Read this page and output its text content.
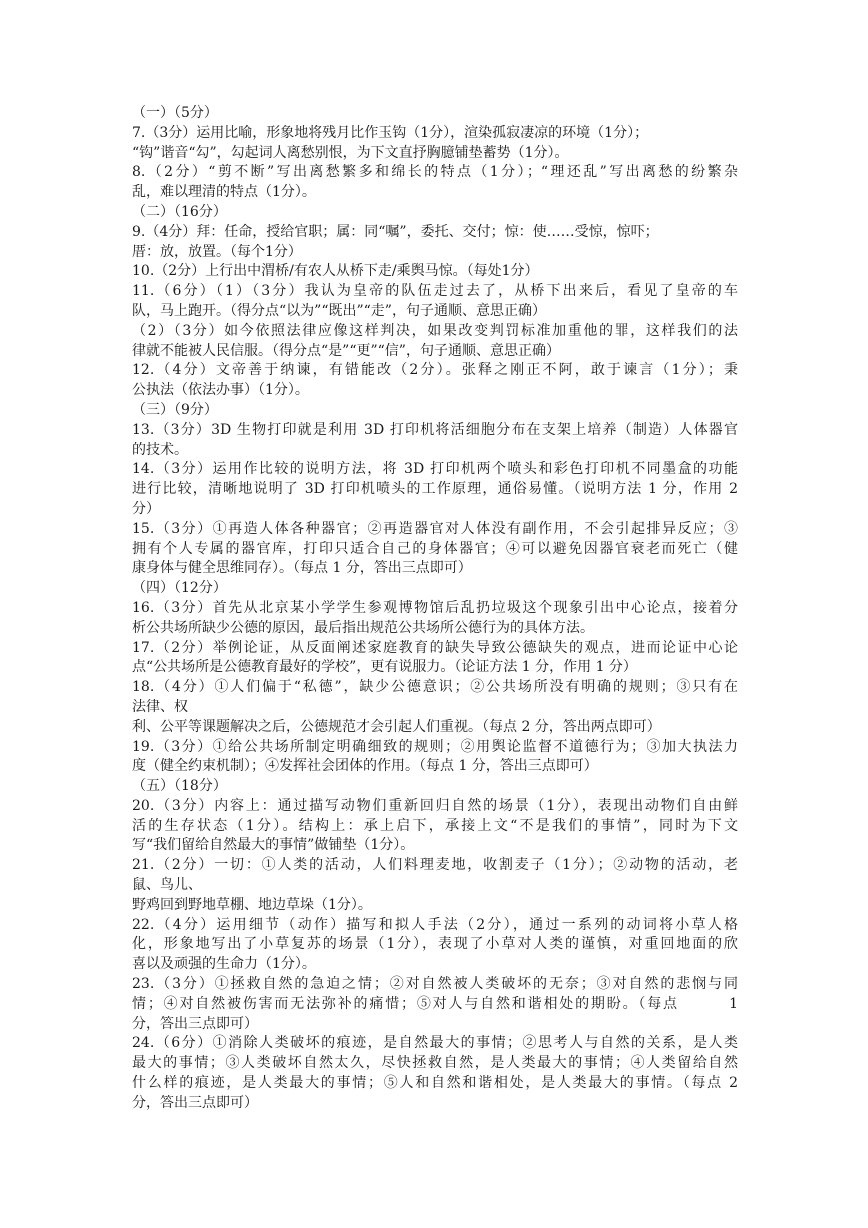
（一）（5分）
7.（3分）运用比喻，形象地将残月比作玉钩（1分），渲染孤寂凄凉的环境（1分）；
“钩”谐音“勾”，勾起词人离愁别恨，为下文直抒胸臆铺垫蓄势（1分）。
8.（2分）“剪不断”写出离愁繁多和绵长的特点（1分）；“理还乱”写出离愁的纷繁杂
乱，难以理清的特点（1分）。
（二）（16分）
9.（4分）拜：任命，授给官职；属：同“嘱”，委托、交付；惊：使……受惊，惊吓；
厝：放，放置。（每个1分）
10.（2分）上行出中渭桥/有农人从桥下走/乘舆马惊。（每处1分）
11.（6分）（1）（3分）我认为皇帝的队伍走过去了，从桥下出来后，看见了皇帝的车
队，马上跑开。（得分点“以为”“既出”“走”，句子通顺、意思正确）
（2）（3分）如今依照法律应像这样判决，如果改变判罚标准加重他的罪，这样我们的法
律就不能被人民信服。（得分点“是”“更”“信”，句子通顺、意思正确）
12.（4分）文帝善于纳谏，有错能改（2分）。张释之刚正不阿，敢于谏言（1分）；秉
公执法（依法办事）（1分）。
（三）（9分）
13.（3分）3D 生物打印就是利用 3D 打印机将活细胞分布在支架上培养（制造）人体器官
的技术。
14.（3分）运用作比较的说明方法，将 3D 打印机两个喷头和彩色打印机不同墨盒的功能
进行比较，清晰地说明了 3D 打印机喷头的工作原理，通俗易懂。（说明方法 1 分，作用 2
分）
15.（3分）①再造人体各种器官；②再造器官对人体没有副作用，不会引起排异反应；③
拥有个人专属的器官库，打印只适合自己的身体器官；④可以避免因器官衰老而死亡（健
康身体与健全思维同存）。（每点 1 分，答出三点即可）
（四）（12分）
16.（3分）首先从北京某小学学生参观博物馆后乱扔垃圾这个现象引出中心论点，接着分
析公共场所缺少公德的原因，最后指出规范公共场所公德行为的具体方法。
17.（2分）举例论证，从反面阐述家庭教育的缺失导致公德缺失的观点，进而论证中心论
点“公共场所是公德教育最好的学校”，更有说服力。（论证方法 1 分，作用 1 分）
18.（4分）①人们偏于“私德”，缺少公德意识；②公共场所没有明确的规则；③只有在
法律、权
利、公平等课题解决之后，公德规范才会引起人们重视。（每点 2 分，答出两点即可）
19.（3分）①给公共场所制定明确细致的规则；②用舆论监督不道德行为；③加大执法力
度（健全约束机制）；④发挥社会团体的作用。（每点 1 分，答出三点即可）
（五）（18分）
20.（3分）内容上：通过描写动物们重新回归自然的场景（1分），表现出动物们自由鲜
活的生存状态（1分）。结构上：承上启下，承接上文“不是我们的事情”，同时为下文
写“我们留给自然最大的事情”做铺垫（1分）。
21.（2分）一切：①人类的活动，人们料理麦地，收割麦子（1分）；②动物的活动，老
鼠、鸟儿、
野鸡回到野地草棚、地边草垛（1分）。
22.（4分）运用细节（动作）描写和拟人手法（2分），通过一系列的动词将小草人格
化，形象地写出了小草复苏的场景（1分），表现了小草对人类的谨慎，对重回地面的欣
喜以及顽强的生命力（1分）。
23.（3分）①拯救自然的急迫之情；②对自然被人类破坏的无奈；③对自然的悲悯与同
情；④对自然被伤害而无法弥补的痛惜；⑤对人与自然和谐相处的期盼。（每点        1
分，答出三点即可）
24.（6分）①消除人类破坏的痕迹，是自然最大的事情；②思考人与自然的关系，是人类
最大的事情；③人类破坏自然太久，尽快拯救自然，是人类最大的事情；④人类留给自然
什么样的痕迹，是人类最大的事情；⑤人和自然和谐相处，是人类最大的事情。（每点 2
分，答出三点即可）
